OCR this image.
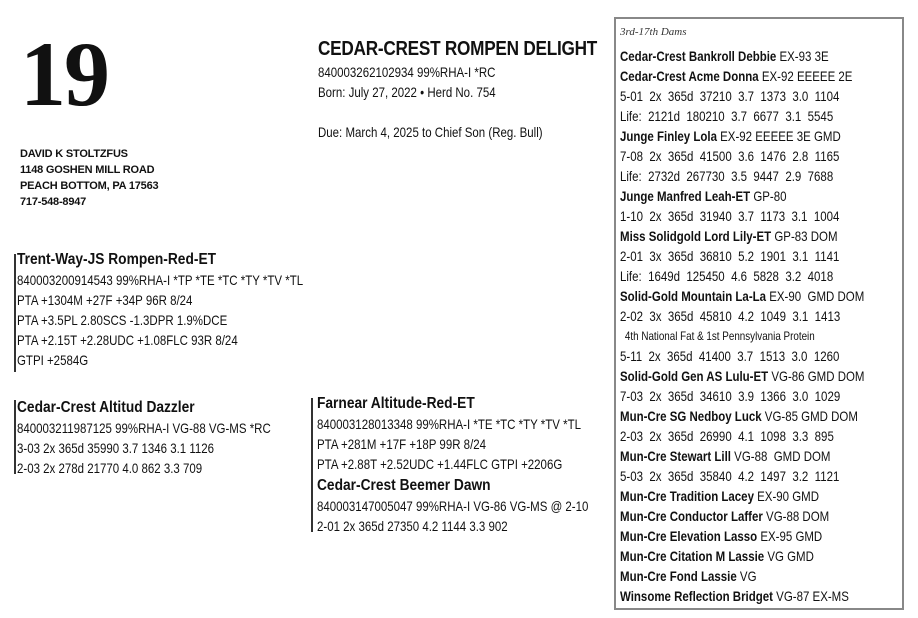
19
DAVID K STOLTZFUS
1148 GOSHEN MILL ROAD
PEACH BOTTOM, PA 17563
717-548-8947
CEDAR-CREST ROMPEN DELIGHT
840003262102934 99%RHA-I *RC
Born: July 27, 2022 • Herd No. 754
Due: March 4, 2025 to Chief Son (Reg. Bull)
Trent-Way-JS Rompen-Red-ET
840003200914543 99%RHA-I *TP *TE *TC *TY *TV *TL
PTA +1304M +27F +34P 96R 8/24
PTA +3.5PL 2.80SCS -1.3DPR 1.9%DCE
PTA +2.15T +2.28UDC +1.08FLC 93R 8/24
GTPI +2584G
Cedar-Crest Altitud Dazzler
840003211987125 99%RHA-I VG-88 VG-MS *RC
3-03 2x 365d 35990 3.7 1346 3.1 1126
2-03 2x 278d 21770 4.0 862 3.3 709
Farnear Altitude-Red-ET
840003128013348 99%RHA-I *TE *TC *TY *TV *TL
PTA +281M +17F +18P 99R 8/24
PTA +2.88T +2.52UDC +1.44FLC GTPI +2206G
Cedar-Crest Beemer Dawn
840003147005047 99%RHA-I VG-86 VG-MS @ 2-10
2-01 2x 365d 27350 4.2 1144 3.3 902
3rd-17th Dams
Cedar-Crest Bankroll Debbie EX-93 3E
Cedar-Crest Acme Donna EX-92 EEEEE 2E
5-01  2x  365d  37210  3.7  1373  3.0  1104
Life:  2121d  180210  3.7  6677  3.1  5545
Junge Finley Lola EX-92 EEEEE 3E GMD
7-08  2x  365d  41500  3.6  1476  2.8  1165
Life:  2732d  267730  3.5  9447  2.9  7688
Junge Manfred Leah-ET GP-80
1-10  2x  365d  31940  3.7  1173  3.1  1004
Miss Solidgold Lord Lily-ET GP-83 DOM
2-01  3x  365d  36810  5.2  1901  3.1  1141
Life:  1649d  125450  4.6  5828  3.2  4018
Solid-Gold Mountain La-La EX-90  GMD DOM
2-02  3x  365d  45810  4.2  1049  3.1  1413
4th National Fat & 1st Pennsylvania Protein
5-11  2x  365d  41400  3.7  1513  3.0  1260
Solid-Gold Gen AS Lulu-ET VG-86 GMD DOM
7-03  2x  365d  34610  3.9  1366  3.0  1029
Mun-Cre SG Nedboy Luck VG-85 GMD DOM
2-03  2x  365d  26990  4.1  1098  3.3  895
Mun-Cre Stewart Lill VG-88  GMD DOM
5-03  2x  365d  35840  4.2  1497  3.2  1121
Mun-Cre Tradition Lacey EX-90 GMD
Mun-Cre Conductor Laffer VG-88 DOM
Mun-Cre Elevation Lasso EX-95 GMD
Mun-Cre Citation M Lassie VG GMD
Mun-Cre Fond Lassie VG
Winsome Reflection Bridget VG-87 EX-MS
